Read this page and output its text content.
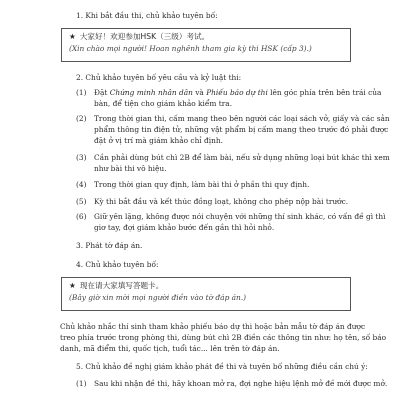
1. Khi bắt đầu thi, chủ khảo tuyên bố:
★ 大家好！欢迎参加HSK（三级）考试。
(Xin chào mọi người! Hoan nghênh tham gia kỳ thi HSK (cấp 3).)
2. Chủ khảo tuyên bố yêu cầu và kỷ luật thi:
(1) Đặt Chứng minh nhân dân và Phiếu báo dự thi lên góc phía trên bên trái của
bàn, để tiện cho giám khảo kiểm tra.
(2) Trong thời gian thi, cấm mang theo bên người các loại sách vở, giấy và các sản
phẩm thông tin điện tử, những vật phẩm bị cấm mang theo trước đó phải được
đặt ở vị trí mà giám khảo chỉ định.
(3) Cần phải dùng bút chì 2B để làm bài, nếu sử dụng những loại bút khác thì xem
như bài thi vô hiệu.
(4) Trong thời gian quy định, làm bài thi ở phần thi quy định.
(5) Kỳ thi bắt đầu và kết thúc đồng loạt, không cho phép nộp bài trước.
(6) Giữ yên lặng, không được nói chuyện với những thí sinh khác, có vấn đề gì thì
giơ tay, đợi giám khảo bước đến gần thì hỏi nhỏ.
3. Phát tờ đáp án.
4. Chủ khảo tuyên bố:
★ 现在请大家填写答题卡。
(Bây giờ xin mời mọi người điền vào tờ đáp án.)
Chủ khảo nhắc thí sinh tham khảo phiếu báo dự thi hoặc bản mẫu tờ đáp án được
treo phía trước trong phòng thi, dùng bút chì 2B điền các thông tin như: họ tên, số báo
danh, mã điểm thi, quốc tịch, tuổi tác... lên trên tờ đáp án.
5. Chủ khảo đề nghị giám khảo phát đề thi và tuyên bố những điều cần chú ý:
(1) Sau khi nhận đề thi, hãy khoan mở ra, đợi nghe hiệu lệnh mở đề mới được mở.
